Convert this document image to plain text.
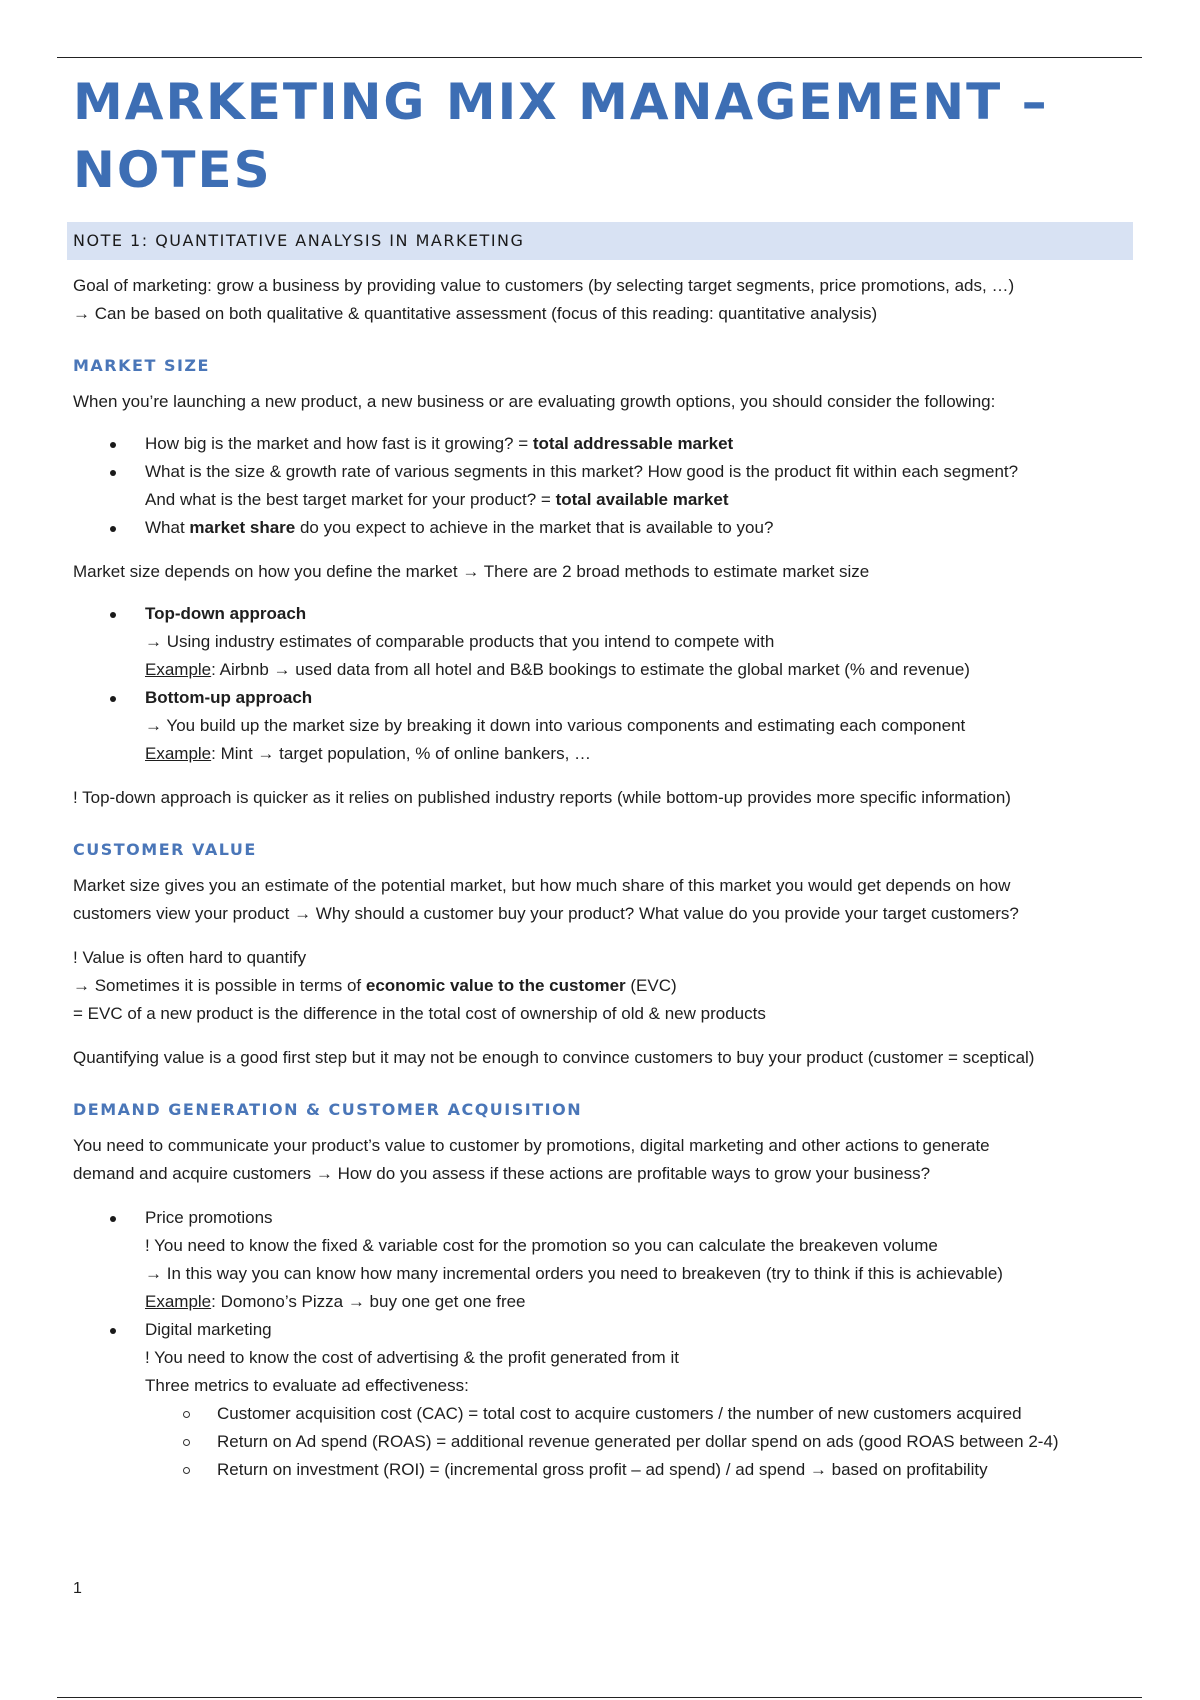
MARKETING MIX MANAGEMENT – NOTES
NOTE 1: QUANTITATIVE ANALYSIS IN MARKETING

Goal of marketing: grow a business by providing value to customers (by selecting target segments, price promotions, ads, …)

→ Can be based on both qualitative & quantitative assessment (focus of this reading: quantitative analysis)

MARKET SIZE

When you’re launching a new product, a new business or are evaluating growth options, you should consider the following:

How big is the market and how fast is it growing? = total addressable market
What is the size & growth rate of various segments in this market? How good is the product fit within each segment?
And what is the best target market for your product? = total available market
What market share do you expect to achieve in the market that is available to you?

Market size depends on how you define the market → There are 2 broad methods to estimate market size

Top-down approach
→ Using industry estimates of comparable products that you intend to compete with
Example: Airbnb → used data from all hotel and B&B bookings to estimate the global market (% and revenue)
Bottom-up approach
→ You build up the market size by breaking it down into various components and estimating each component
Example: Mint → target population, % of online bankers, …

! Top-down approach is quicker as it relies on published industry reports (while bottom-up provides more specific information)

CUSTOMER VALUE

Market size gives you an estimate of the potential market, but how much share of this market you would get depends on how

customers view your product → Why should a customer buy your product? What value do you provide your target customers?

! Value is often hard to quantify

→ Sometimes it is possible in terms of economic value to the customer (EVC)

= EVC of a new product is the difference in the total cost of ownership of old & new products

Quantifying value is a good first step but it may not be enough to convince customers to buy your product (customer = sceptical)

DEMAND GENERATION & CUSTOMER ACQUISITION

You need to communicate your product’s value to customer by promotions, digital marketing and other actions to generate

demand and acquire customers → How do you assess if these actions are profitable ways to grow your business?

Price promotions
! You need to know the fixed & variable cost for the promotion so you can calculate the breakeven volume
→ In this way you can know how many incremental orders you need to breakeven (try to think if this is achievable)
Example: Domono’s Pizza → buy one get one free
Digital marketing
! You need to know the cost of advertising & the profit generated from it
Three metrics to evaluate ad effectiveness:
Customer acquisition cost (CAC) = total cost to acquire customers / the number of new customers acquired
Return on Ad spend (ROAS) = additional revenue generated per dollar spend on ads (good ROAS between 2-4)
Return on investment (ROI) = (incremental gross profit – ad spend) / ad spend → based on profitability
1
